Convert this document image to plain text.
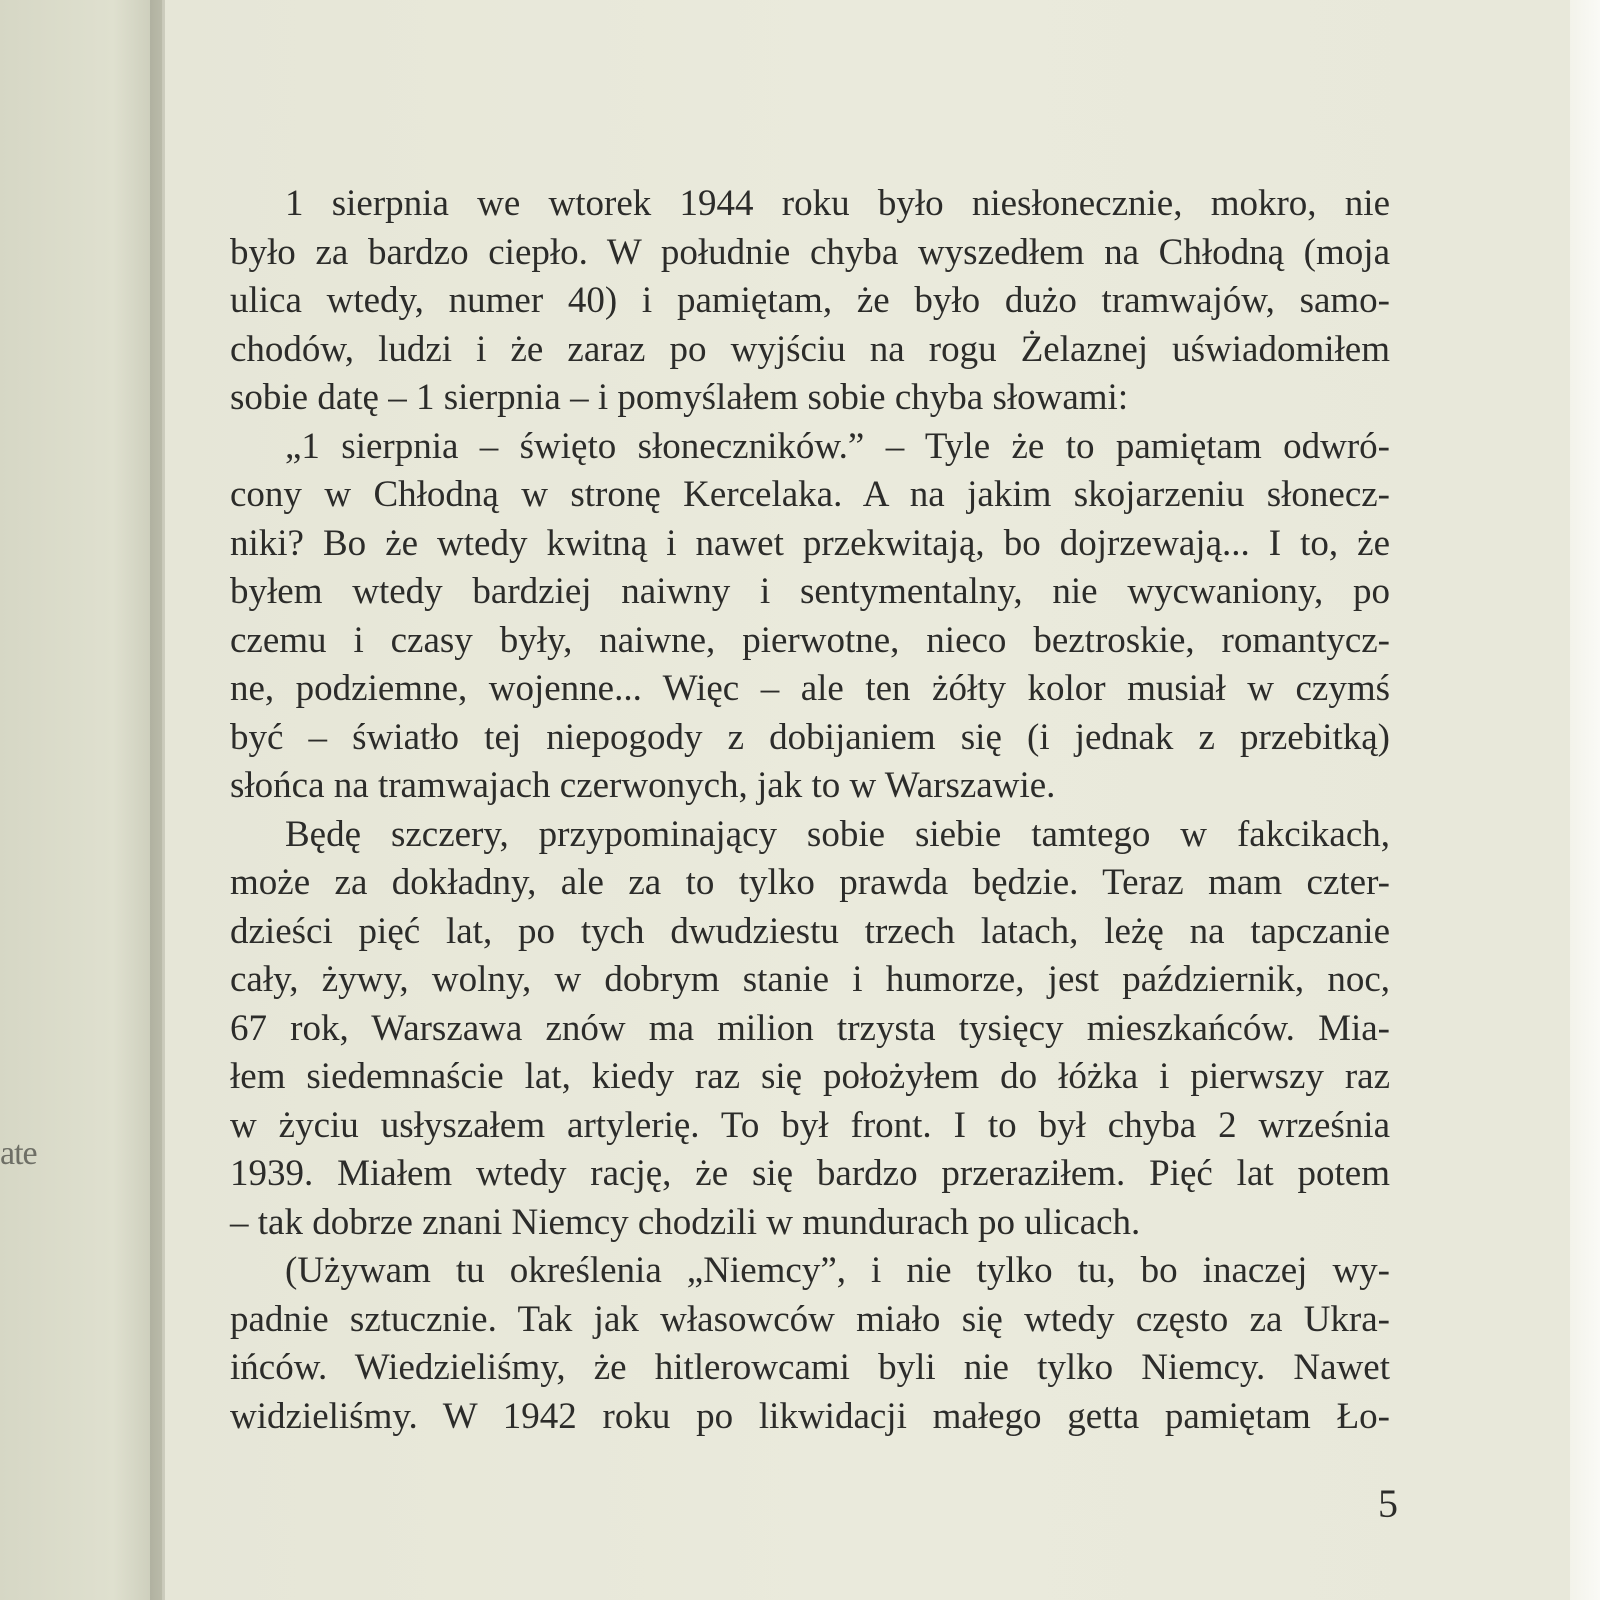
ate
1 sierpnia we wtorek 1944 roku było niesłonecznie, mokro, nie
było za bardzo ciepło. W południe chyba wyszedłem na Chłodną (moja
ulica wtedy, numer 40) i pamiętam, że było dużo tramwajów, samo-
chodów, ludzi i że zaraz po wyjściu na rogu Żelaznej uświadomiłem
sobie datę – 1 sierpnia – i pomyślałem sobie chyba słowami:
„1 sierpnia – święto słoneczników.” – Tyle że to pamiętam odwró-
cony w Chłodną w stronę Kercelaka. A na jakim skojarzeniu słonecz-
niki? Bo że wtedy kwitną i nawet przekwitają, bo dojrzewają... I to, że
byłem wtedy bardziej naiwny i sentymentalny, nie wycwaniony, po
czemu i czasy były, naiwne, pierwotne, nieco beztroskie, romantycz-
ne, podziemne, wojenne... Więc – ale ten żółty kolor musiał w czymś
być – światło tej niepogody z dobijaniem się (i jednak z przebitką)
słońca na tramwajach czerwonych, jak to w Warszawie.
Będę szczery, przypominający sobie siebie tamtego w fakcikach,
może za dokładny, ale za to tylko prawda będzie. Teraz mam czter-
dzieści pięć lat, po tych dwudziestu trzech latach, leżę na tapczanie
cały, żywy, wolny, w dobrym stanie i humorze, jest październik, noc,
67 rok, Warszawa znów ma milion trzysta tysięcy mieszkańców. Mia-
łem siedemnaście lat, kiedy raz się położyłem do łóżka i pierwszy raz
w życiu usłyszałem artylerię. To był front. I to był chyba 2 września
1939. Miałem wtedy rację, że się bardzo przeraziłem. Pięć lat potem
– tak dobrze znani Niemcy chodzili w mundurach po ulicach.
(Używam tu określenia „Niemcy”, i nie tylko tu, bo inaczej wy-
padnie sztucznie. Tak jak własowców miało się wtedy często za Ukra-
ińców. Wiedzieliśmy, że hitlerowcami byli nie tylko Niemcy. Nawet
widzieliśmy. W 1942 roku po likwidacji małego getta pamiętam Ło-
5
